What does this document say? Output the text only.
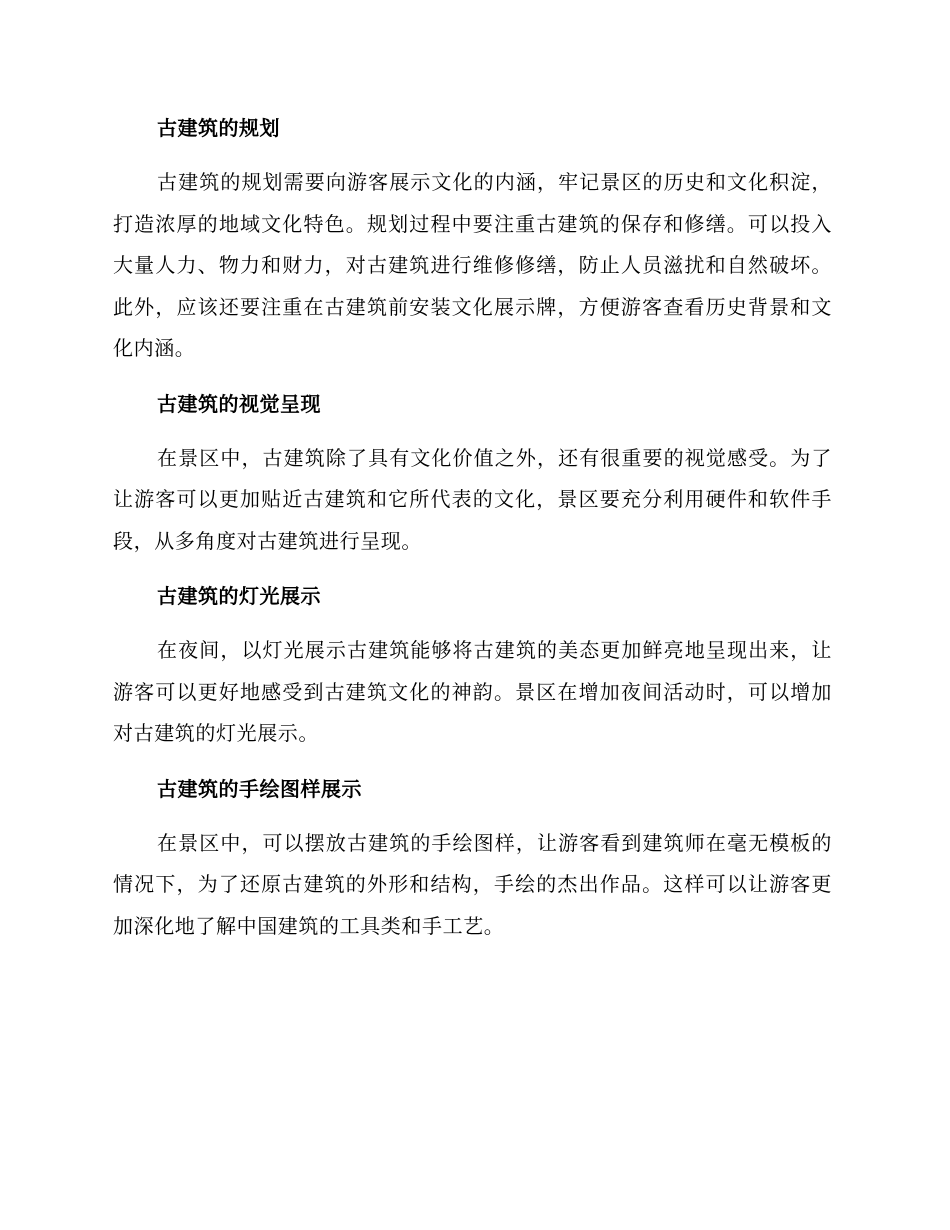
古建筑的规划

古建筑的规划需要向游客展示文化的内涵，牢记景区的历史和文化积淀，打造浓厚的地域文化特色。规划过程中要注重古建筑的保存和修缮。可以投入大量人力、物力和财力，对古建筑进行维修修缮，防止人员滋扰和自然破坏。此外，应该还要注重在古建筑前安装文化展示牌，方便游客查看历史背景和文化内涵。

古建筑的视觉呈现

在景区中，古建筑除了具有文化价值之外，还有很重要的视觉感受。为了让游客可以更加贴近古建筑和它所代表的文化，景区要充分利用硬件和软件手段，从多角度对古建筑进行呈现。

古建筑的灯光展示

在夜间，以灯光展示古建筑能够将古建筑的美态更加鲜亮地呈现出来，让游客可以更好地感受到古建筑文化的神韵。景区在增加夜间活动时，可以增加对古建筑的灯光展示。

古建筑的手绘图样展示

在景区中，可以摆放古建筑的手绘图样，让游客看到建筑师在毫无模板的情况下，为了还原古建筑的外形和结构，手绘的杰出作品。这样可以让游客更加深化地了解中国建筑的工具类和手工艺。
